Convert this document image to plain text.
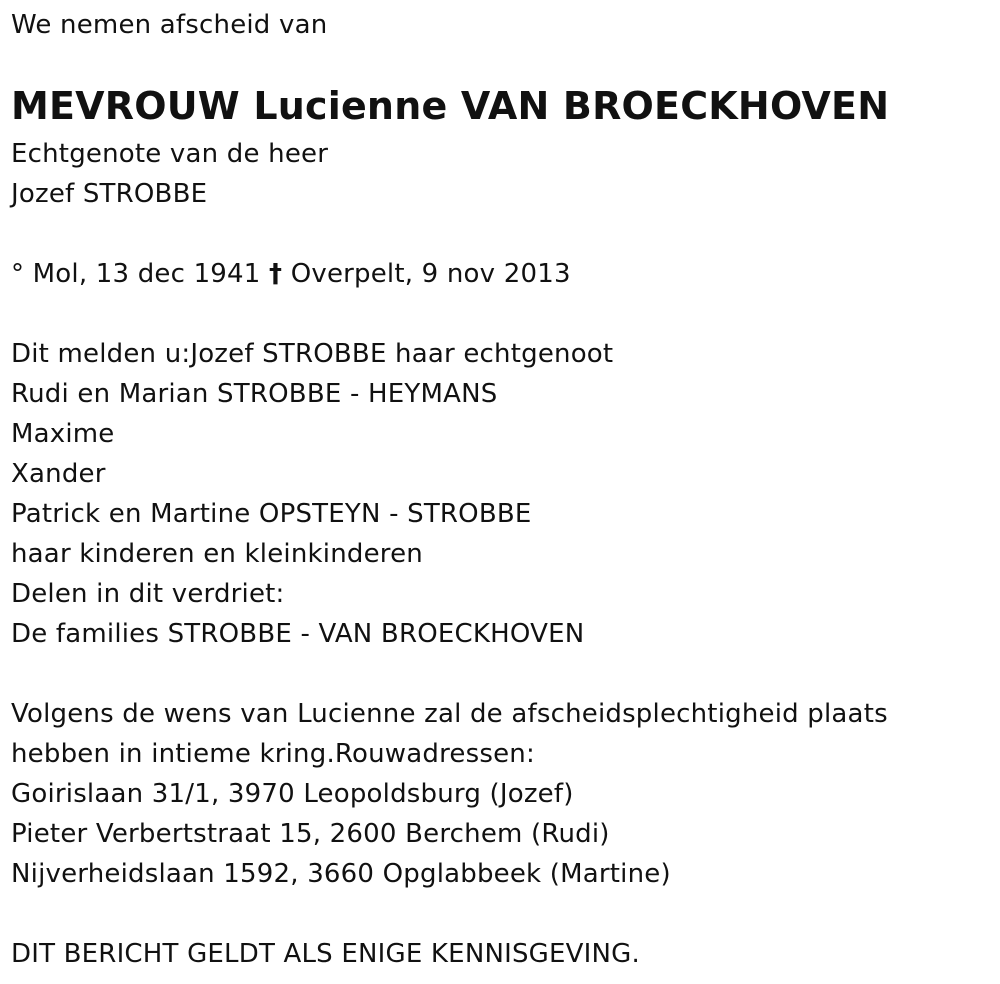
We nemen afscheid van
MEVROUW Lucienne VAN BROECKHOVEN
Echtgenote van de heer
Jozef STROBBE
° Mol, 13 dec 1941 † Overpelt, 9 nov 2013
Dit melden u:Jozef STROBBE haar echtgenoot
Rudi en Marian STROBBE - HEYMANS
Maxime
Xander
Patrick en Martine OPSTEYN - STROBBE
haar kinderen en kleinkinderen
Delen in dit verdriet:
De families STROBBE - VAN BROECKHOVEN
Volgens de wens van Lucienne zal de afscheidsplechtigheid plaats
hebben in intieme kring.Rouwadressen:
Goirislaan 31/1, 3970 Leopoldsburg (Jozef)
Pieter Verbertstraat 15, 2600 Berchem (Rudi)
Nijverheidslaan 1592, 3660 Opglabbeek (Martine)
DIT BERICHT GELDT ALS ENIGE KENNISGEVING.
